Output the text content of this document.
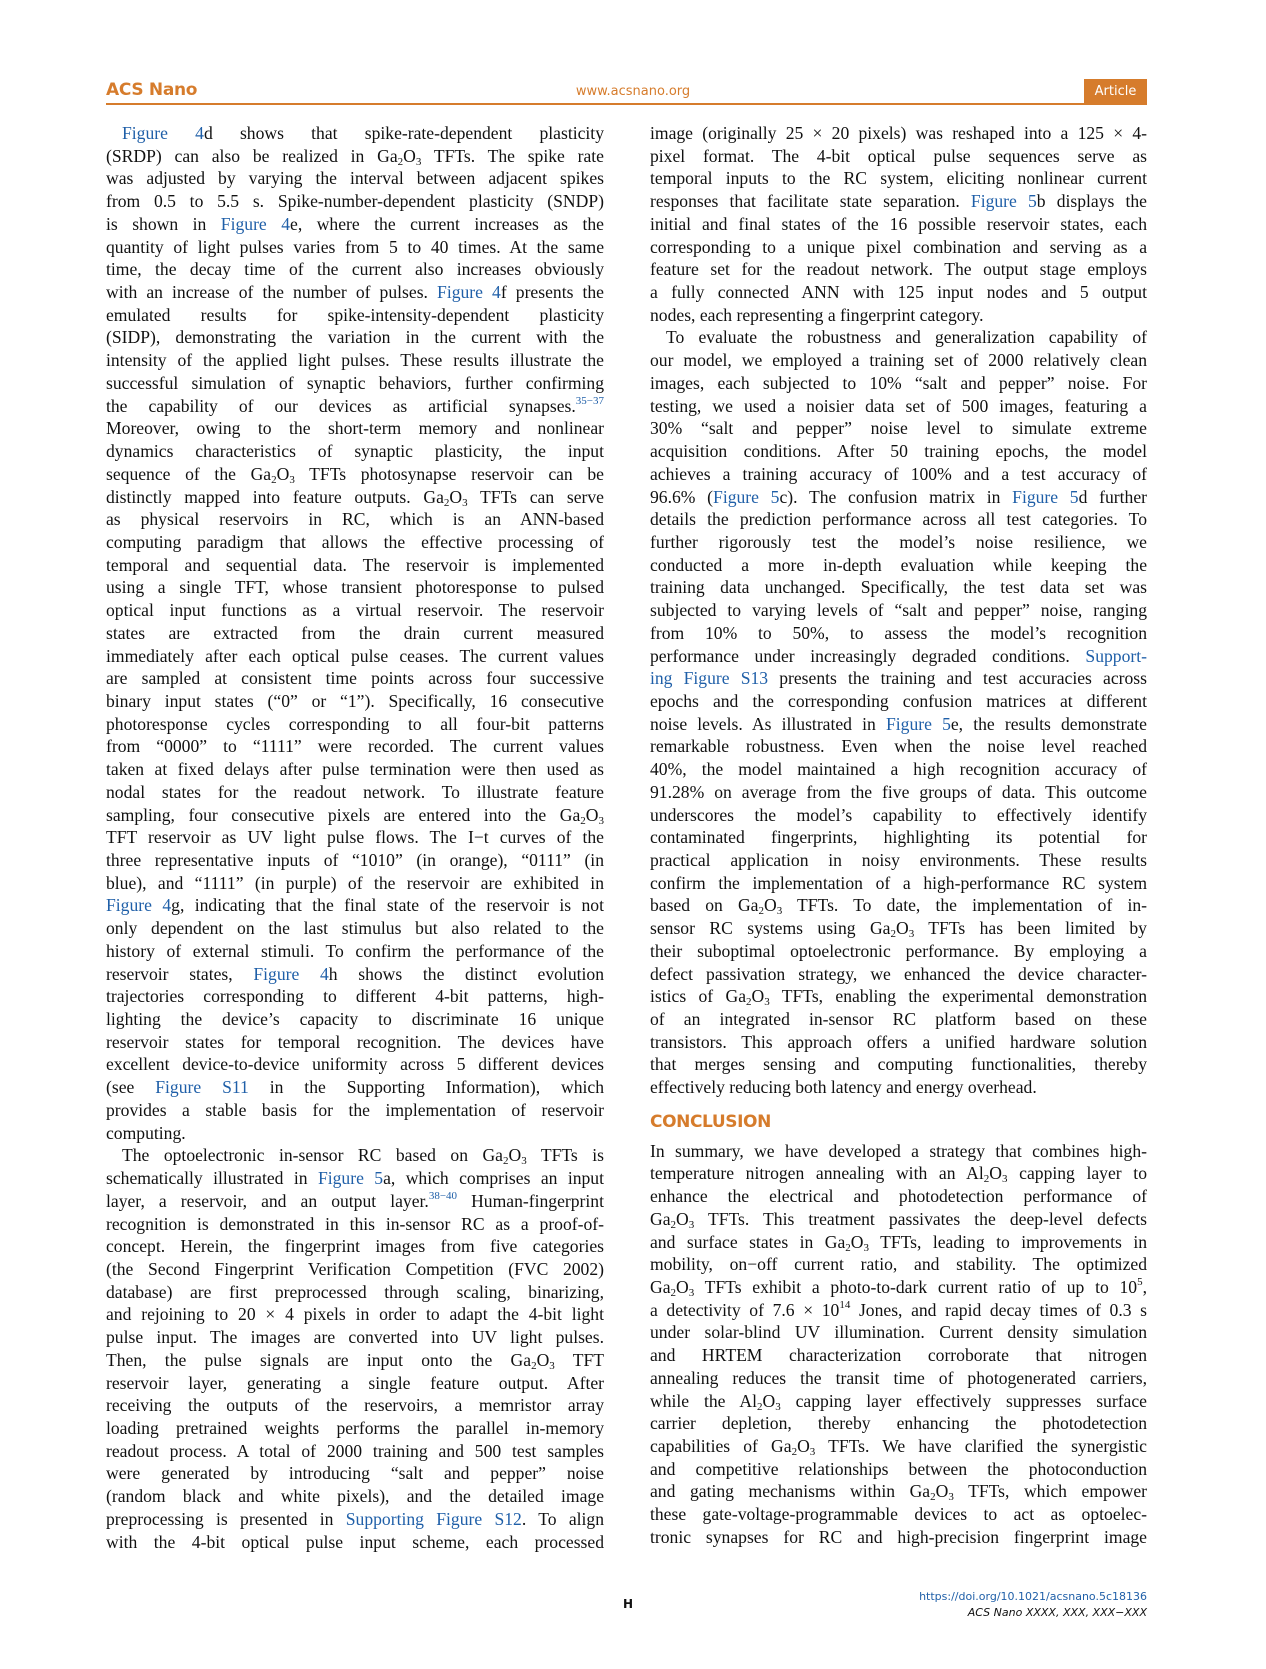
ACS Nano	www.acsnano.org	Article
Figure 4d shows that spike-rate-dependent plasticity
(SRDP) can also be realized in $Ga_2O_3$ TFTs. The spike rate
was adjusted by varying the interval between adjacent spikes
from 0.5 to 5.5 s. Spike-number-dependent plasticity (SNDP)
is shown in Figure 4e, where the current increases as the
quantity of light pulses varies from 5 to 40 times. At the same
time, the decay time of the current also increases obviously
with an increase of the number of pulses. Figure 4f presents the
emulated results for spike-intensity-dependent plasticity
(SIDP), demonstrating the variation in the current with the
intensity of the applied light pulses. These results illustrate the
successful simulation of synaptic behaviors, further confirming
the capability of our devices as artificial synapses.$^{35-37}$
Moreover, owing to the short-term memory and nonlinear
dynamics characteristics of synaptic plasticity, the input
sequence of the $Ga_2O_3$ TFTs photosynapse reservoir can be
distinctly mapped into feature outputs. $Ga_2O_3$ TFTs can serve
as physical reservoirs in RC, which is an ANN-based
computing paradigm that allows the effective processing of
temporal and sequential data. The reservoir is implemented
using a single TFT, whose transient photoresponse to pulsed
optical input functions as a virtual reservoir. The reservoir
states are extracted from the drain current measured
immediately after each optical pulse ceases. The current values
are sampled at consistent time points across four successive
binary input states (“0” or “1”). Specifically, 16 consecutive
photoresponse cycles corresponding to all four-bit patterns
from “0000” to “1111” were recorded. The current values
taken at fixed delays after pulse termination were then used as
nodal states for the readout network. To illustrate feature
sampling, four consecutive pixels are entered into the $Ga_2O_3$
TFT reservoir as UV light pulse flows. The I−t curves of the
three representative inputs of “1010” (in orange), “0111” (in
blue), and “1111” (in purple) of the reservoir are exhibited in
Figure 4g, indicating that the final state of the reservoir is not
only dependent on the last stimulus but also related to the
history of external stimuli. To confirm the performance of the
reservoir states, Figure 4h shows the distinct evolution
trajectories corresponding to different 4-bit patterns, high-
lighting the device’s capacity to discriminate 16 unique
reservoir states for temporal recognition. The devices have
excellent device-to-device uniformity across 5 different devices
(see Figure S11 in the Supporting Information), which
provides a stable basis for the implementation of reservoir
computing.
The optoelectronic in-sensor RC based on $Ga_2O_3$ TFTs is
schematically illustrated in Figure 5a, which comprises an input
layer, a reservoir, and an output layer.$^{38-40}$ Human-fingerprint
recognition is demonstrated in this in-sensor RC as a proof-of-
concept. Herein, the fingerprint images from five categories
(the Second Fingerprint Verification Competition (FVC 2002)
database) are first preprocessed through scaling, binarizing,
and rejoining to 20 × 4 pixels in order to adapt the 4-bit light
pulse input. The images are converted into UV light pulses.
Then, the pulse signals are input onto the $Ga_2O_3$ TFT
reservoir layer, generating a single feature output. After
receiving the outputs of the reservoirs, a memristor array
loading pretrained weights performs the parallel in-memory
readout process. A total of 2000 training and 500 test samples
were generated by introducing “salt and pepper” noise
(random black and white pixels), and the detailed image
preprocessing is presented in Supporting Figure S12. To align
with the 4-bit optical pulse input scheme, each processed
image (originally 25 × 20 pixels) was reshaped into a 125 × 4-
pixel format. The 4-bit optical pulse sequences serve as
temporal inputs to the RC system, eliciting nonlinear current
responses that facilitate state separation. Figure 5b displays the
initial and final states of the 16 possible reservoir states, each
corresponding to a unique pixel combination and serving as a
feature set for the readout network. The output stage employs
a fully connected ANN with 125 input nodes and 5 output
nodes, each representing a fingerprint category.
To evaluate the robustness and generalization capability of
our model, we employed a training set of 2000 relatively clean
images, each subjected to 10% “salt and pepper” noise. For
testing, we used a noisier data set of 500 images, featuring a
30% “salt and pepper” noise level to simulate extreme
acquisition conditions. After 50 training epochs, the model
achieves a training accuracy of 100% and a test accuracy of
96.6% (Figure 5c). The confusion matrix in Figure 5d further
details the prediction performance across all test categories. To
further rigorously test the model’s noise resilience, we
conducted a more in-depth evaluation while keeping the
training data unchanged. Specifically, the test data set was
subjected to varying levels of “salt and pepper” noise, ranging
from 10% to 50%, to assess the model’s recognition
performance under increasingly degraded conditions. Support-
ing Figure S13 presents the training and test accuracies across
epochs and the corresponding confusion matrices at different
noise levels. As illustrated in Figure 5e, the results demonstrate
remarkable robustness. Even when the noise level reached
40%, the model maintained a high recognition accuracy of
91.28% on average from the five groups of data. This outcome
underscores the model’s capability to effectively identify
contaminated fingerprints, highlighting its potential for
practical application in noisy environments. These results
confirm the implementation of a high-performance RC system
based on $Ga_2O_3$ TFTs. To date, the implementation of in-
sensor RC systems using $Ga_2O_3$ TFTs has been limited by
their suboptimal optoelectronic performance. By employing a
defect passivation strategy, we enhanced the device character-
istics of $Ga_2O_3$ TFTs, enabling the experimental demonstration
of an integrated in-sensor RC platform based on these
transistors. This approach offers a unified hardware solution
that merges sensing and computing functionalities, thereby
effectively reducing both latency and energy overhead.
CONCLUSION
In summary, we have developed a strategy that combines high-
temperature nitrogen annealing with an $Al_2O_3$ capping layer to
enhance the electrical and photodetection performance of
$Ga_2O_3$ TFTs. This treatment passivates the deep-level defects
and surface states in $Ga_2O_3$ TFTs, leading to improvements in
mobility, on−off current ratio, and stability. The optimized
$Ga_2O_3$ TFTs exhibit a photo-to-dark current ratio of up to $10^5$,
a detectivity of $7.6 \times 10^{14}$ Jones, and rapid decay times of 0.3 s
under solar-blind UV illumination. Current density simulation
and HRTEM characterization corroborate that nitrogen
annealing reduces the transit time of photogenerated carriers,
while the $Al_2O_3$ capping layer effectively suppresses surface
carrier depletion, thereby enhancing the photodetection
capabilities of $Ga_2O_3$ TFTs. We have clarified the synergistic
and competitive relationships between the photoconduction
and gating mechanisms within $Ga_2O_3$ TFTs, which empower
these gate-voltage-programmable devices to act as optoelec-
tronic synapses for RC and high-precision fingerprint image
H
https://doi.org/10.1021/acsnano.5c18136
ACS Nano XXXX, XXX, XXX−XXX
